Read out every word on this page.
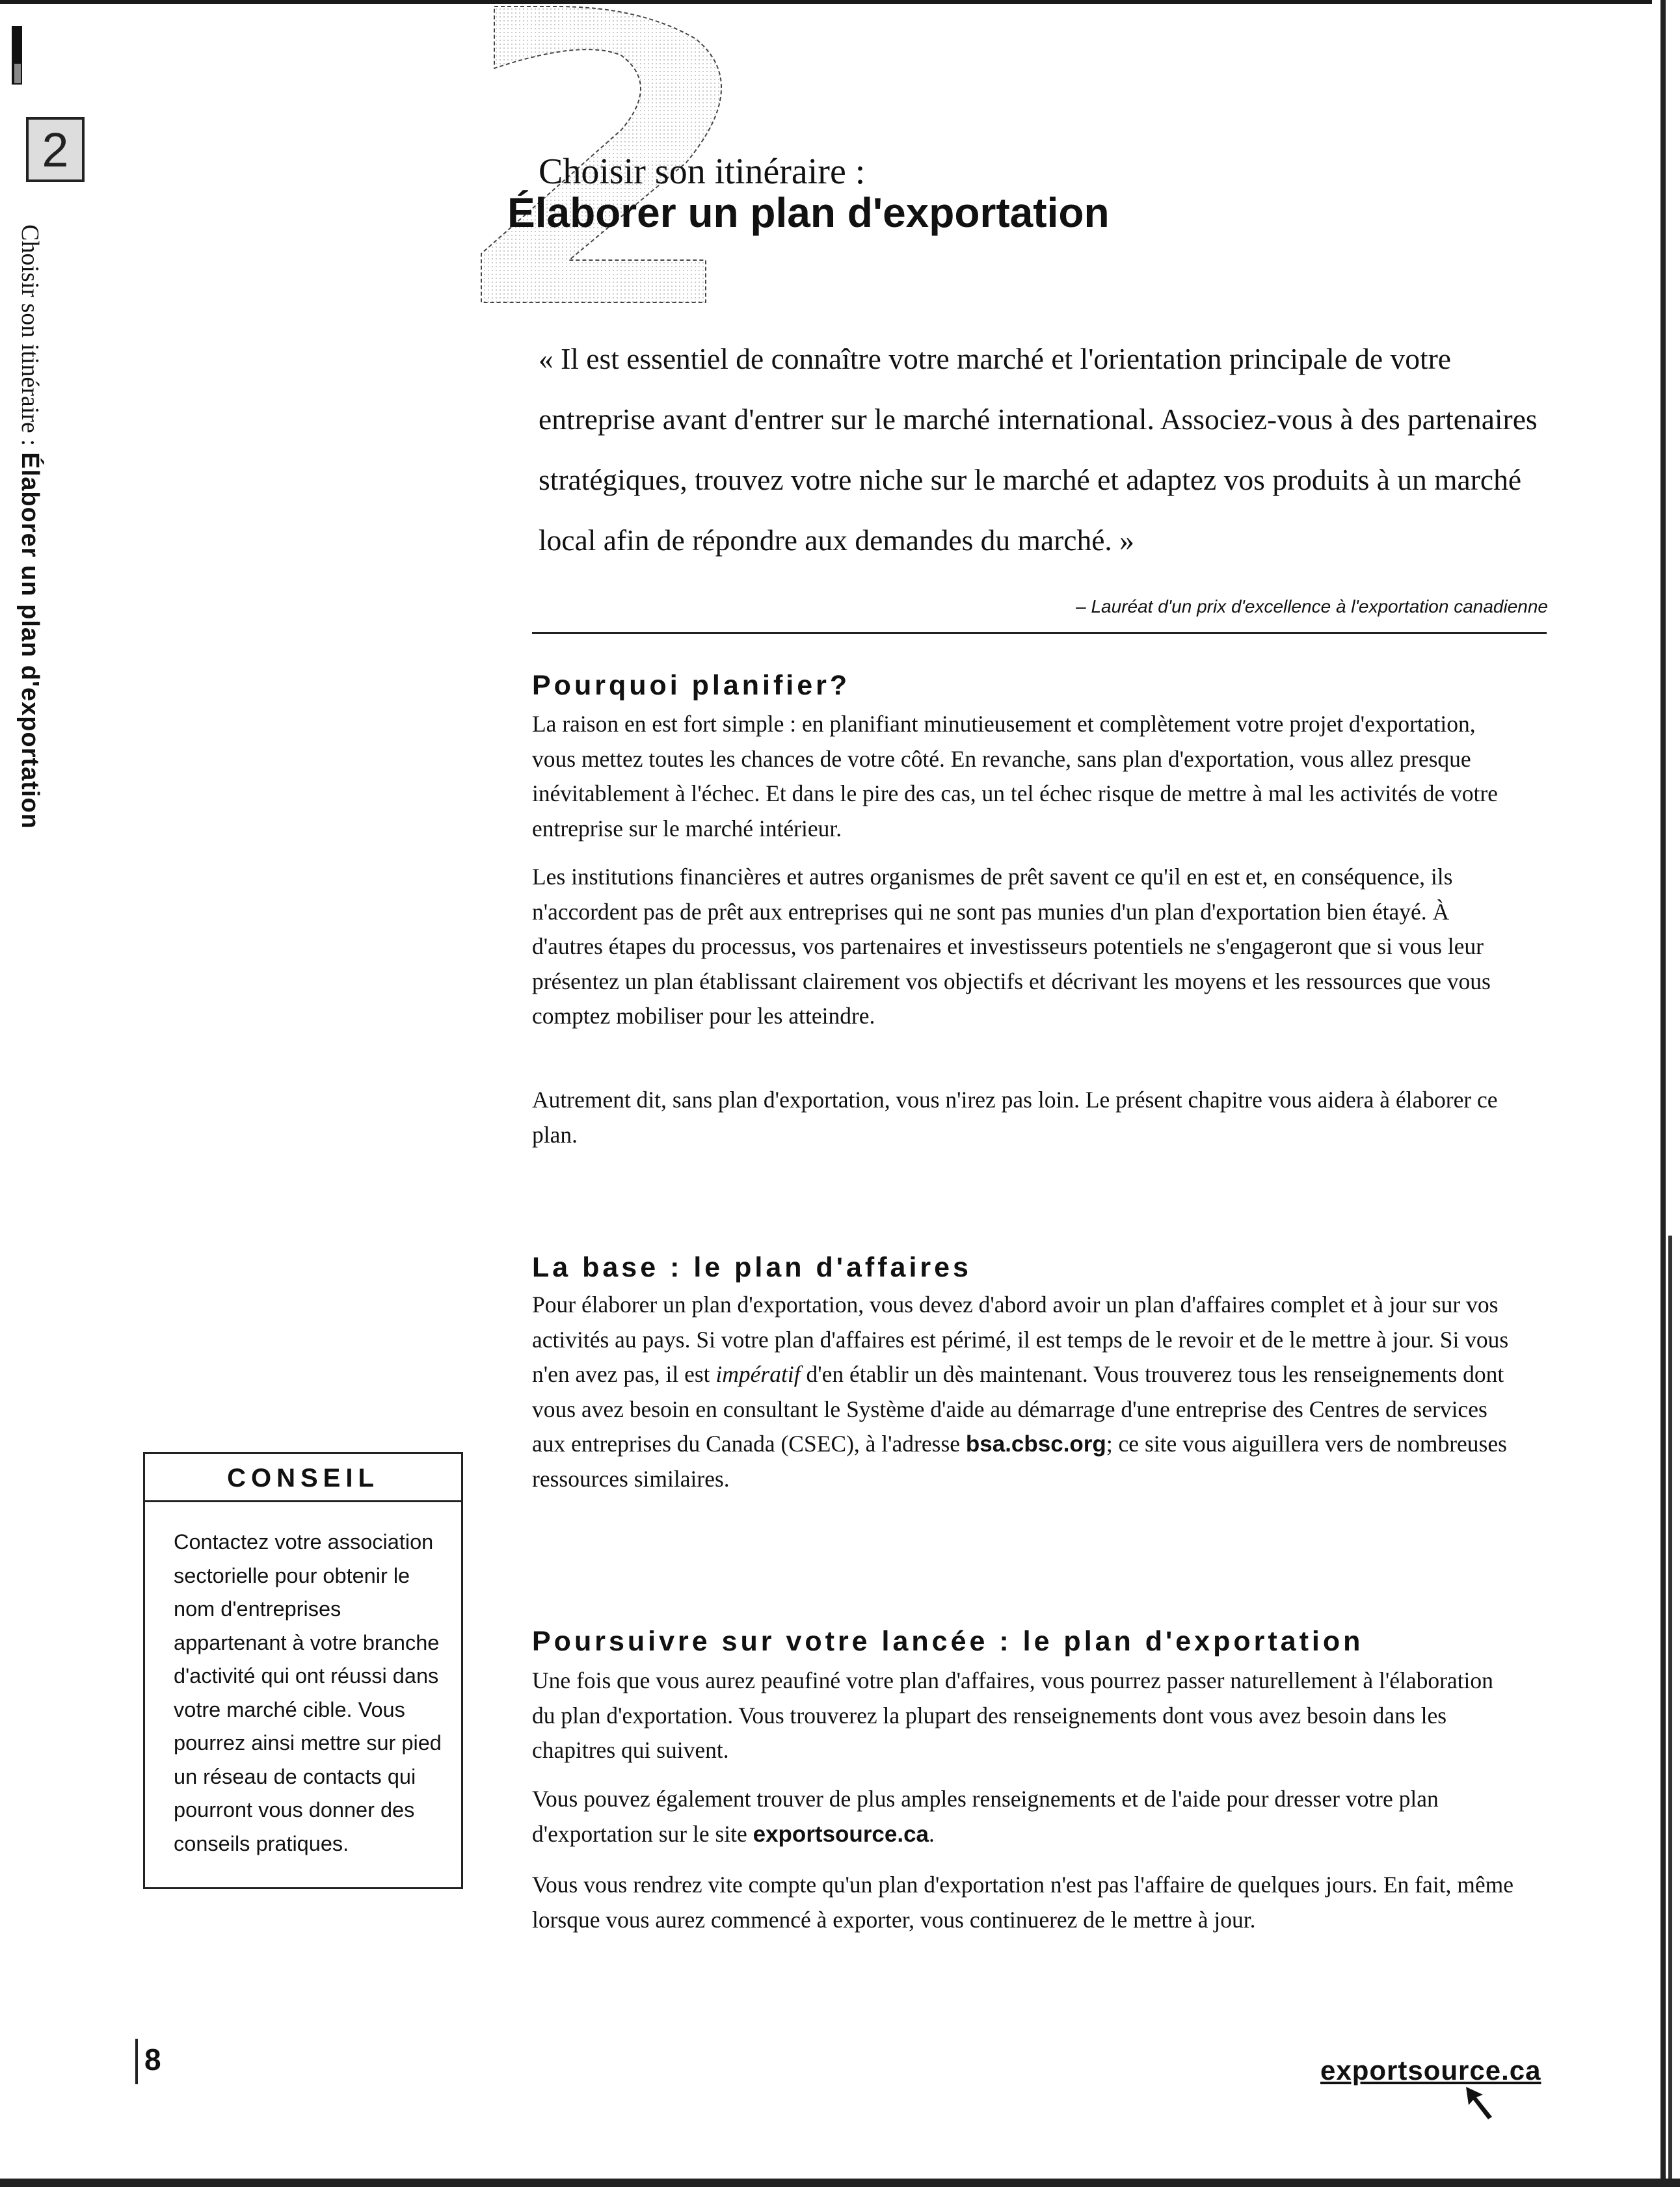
2
Choisir son itinéraire : Élaborer un plan d'exportation
Choisir son itinéraire :
Élaborer un plan d'exportation
« Il est essentiel de connaître votre marché et l'orientation principale de votre entreprise avant d'entrer sur le marché international. Associez-vous à des partenaires stratégiques, trouvez votre niche sur le marché et adaptez vos produits à un marché local afin de répondre aux demandes du marché. »
– Lauréat d'un prix d'excellence à l'exportation canadienne
Pourquoi planifier?
La raison en est fort simple : en planifiant minutieusement et complètement votre projet d'exportation, vous mettez toutes les chances de votre côté. En revanche, sans plan d'exportation, vous allez presque inévitablement à l'échec. Et dans le pire des cas, un tel échec risque de mettre à mal les activités de votre entreprise sur le marché intérieur.
Les institutions financières et autres organismes de prêt savent ce qu'il en est et, en conséquence, ils n'accordent pas de prêt aux entreprises qui ne sont pas munies d'un plan d'exportation bien étayé. À d'autres étapes du processus, vos partenaires et investisseurs potentiels ne s'engageront que si vous leur présentez un plan établissant clairement vos objectifs et décrivant les moyens et les ressources que vous comptez mobiliser pour les atteindre.
Autrement dit, sans plan d'exportation, vous n'irez pas loin. Le présent chapitre vous aidera à élaborer ce plan.
La base : le plan d'affaires
Pour élaborer un plan d'exportation, vous devez d'abord avoir un plan d'affaires complet et à jour sur vos activités au pays. Si votre plan d'affaires est périmé, il est temps de le revoir et de le mettre à jour. Si vous n'en avez pas, il est impératif d'en établir un dès maintenant. Vous trouverez tous les renseignements dont vous avez besoin en consultant le Système d'aide au démarrage d'une entreprise des Centres de services aux entreprises du Canada (CSEC), à l'adresse bsa.cbsc.org; ce site vous aiguillera vers de nombreuses ressources similaires.
Poursuivre sur votre lancée : le plan d'exportation
Une fois que vous aurez peaufiné votre plan d'affaires, vous pourrez passer naturellement à l'élaboration du plan d'exportation. Vous trouverez la plupart des renseignements dont vous avez besoin dans les chapitres qui suivent.
Vous pouvez également trouver de plus amples renseignements et de l'aide pour dresser votre plan d'exportation sur le site exportsource.ca.
Vous vous rendrez vite compte qu'un plan d'exportation n'est pas l'affaire de quelques jours. En fait, même lorsque vous aurez commencé à exporter, vous continuerez de le mettre à jour.
CONSEIL
Contactez votre association sectorielle pour obtenir le nom d'entreprises appartenant à votre branche d'activité qui ont réussi dans votre marché cible. Vous pourrez ainsi mettre sur pied un réseau de contacts qui pourront vous donner des conseils pratiques.
8	exportsource.ca
